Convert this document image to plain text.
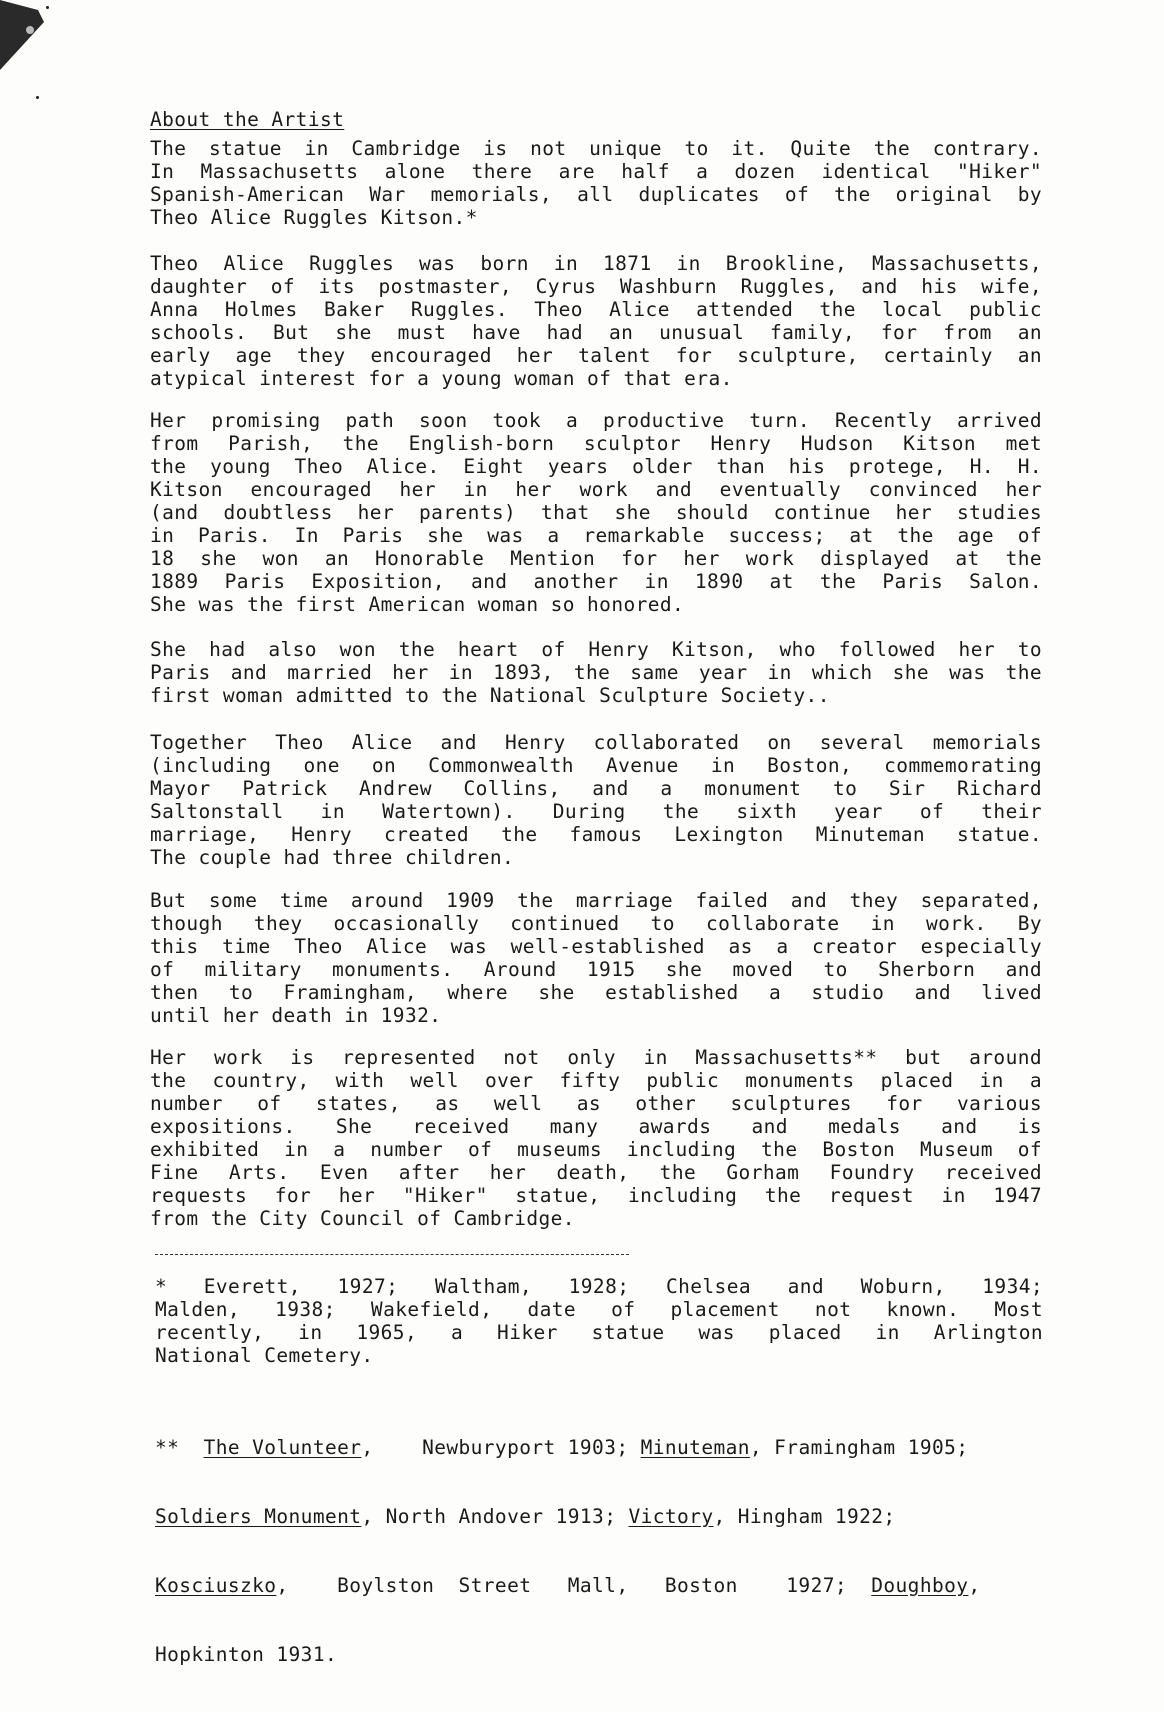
About the Artist

The statue in Cambridge is not unique to it. Quite the contrary.
In Massachusetts alone there are half a dozen identical "Hiker"
Spanish-American War memorials, all duplicates of the original by
Theo Alice Ruggles Kitson.*

Theo Alice Ruggles was born in 1871 in Brookline, Massachusetts,
daughter of its postmaster, Cyrus Washburn Ruggles, and his wife,
Anna Holmes Baker Ruggles. Theo Alice attended the local public
schools. But she must have had an unusual family, for from an
early age they encouraged her talent for sculpture, certainly an
atypical interest for a young woman of that era.

Her promising path soon took a productive turn. Recently arrived
from Parish, the English-born sculptor Henry Hudson Kitson met
the young Theo Alice. Eight years older than his protege, H. H.
Kitson encouraged her in her work and eventually convinced her
(and doubtless her parents) that she should continue her studies
in Paris. In Paris she was a remarkable success; at the age of
18 she won an Honorable Mention for her work displayed at the
1889 Paris Exposition, and another in 1890 at the Paris Salon.
She was the first American woman so honored.

She had also won the heart of Henry Kitson, who followed her to
Paris and married her in 1893, the same year in which she was the
first woman admitted to the National Sculpture Society..

Together Theo Alice and Henry collaborated on several memorials
(including one on Commonwealth Avenue in Boston, commemorating
Mayor Patrick Andrew Collins, and a monument to Sir Richard
Saltonstall in Watertown). During the sixth year of their
marriage, Henry created the famous Lexington Minuteman statue.
The couple had three children.

But some time around 1909 the marriage failed and they separated,
though they occasionally continued to collaborate in work. By
this time Theo Alice was well-established as a creator especially
of military monuments. Around 1915 she moved to Sherborn and
then to Framingham, where she established a studio and lived
until her death in 1932.

Her work is represented not only in Massachusetts** but around
the country, with well over fifty public monuments placed in a
number of states, as well as other sculptures for various
expositions. She received many awards and medals and is
exhibited in a number of museums including the Boston Museum of
Fine Arts. Even after her death, the Gorham Foundry received
requests for her "Hiker" statue, including the request in 1947
from the City Council of Cambridge.

* Everett, 1927; Waltham, 1928; Chelsea and Woburn, 1934;
Malden, 1938; Wakefield, date of placement not known. Most
recently, in 1965, a Hiker statue was placed in Arlington
National Cemetery.

**  The Volunteer,    Newburyport 1903; Minuteman, Framingham 1905;

Soldiers Monument, North Andover 1913; Victory, Hingham 1922;

Kosciuszko,    Boylston  Street   Mall,   Boston    1927;  Doughboy,

Hopkinton 1931.
